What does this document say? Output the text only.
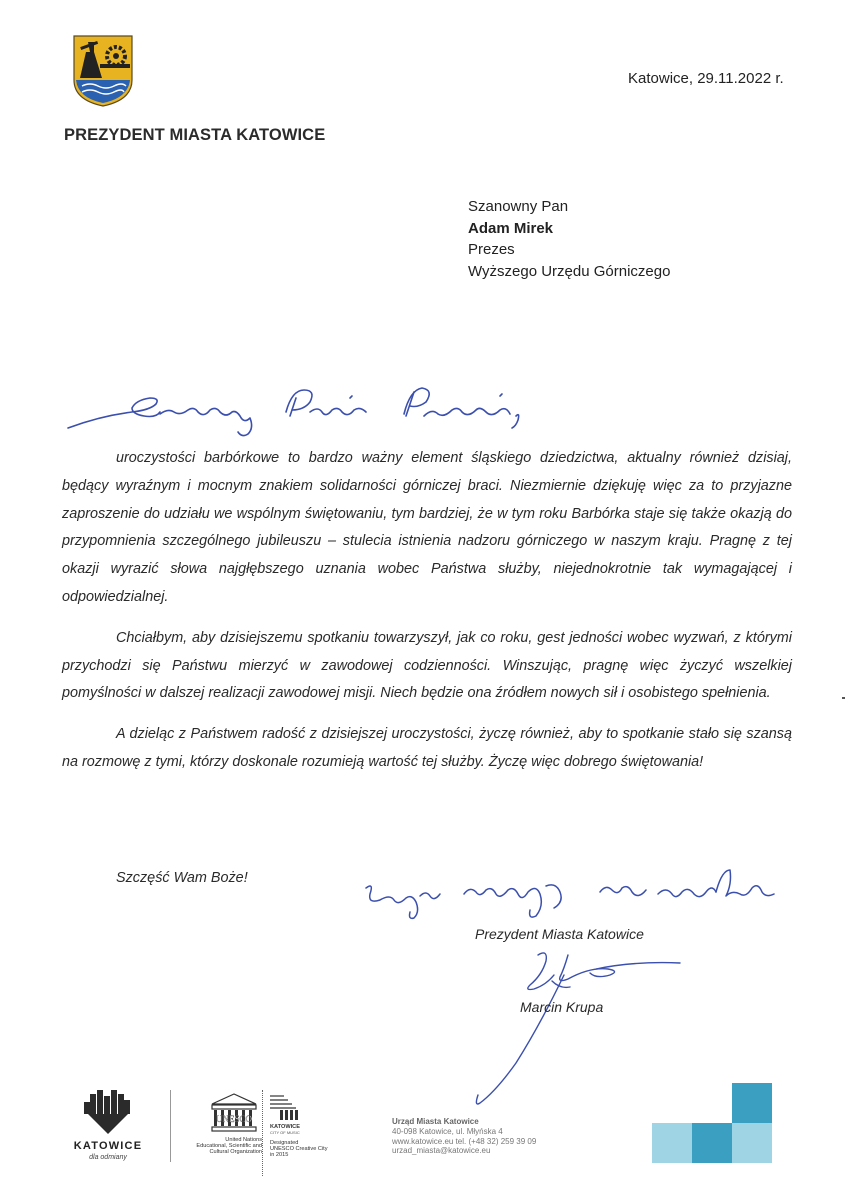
Katowice, 29.11.2022 r.
PREZYDENT MIASTA KATOWICE
Szanowny Pan
Adam Mirek
Prezes
Wyższego Urzędu Górniczego

uroczystości barbórkowe to bardzo ważny element śląskiego dziedzictwa, aktualny również dzisiaj, będący wyraźnym i mocnym znakiem solidarności górniczej braci. Niezmiernie dziękuję więc za to przyjazne zaproszenie do udziału we wspólnym świętowaniu, tym bardziej, że w tym roku Barbórka staje się także okazją do przypomnienia szczególnego jubileuszu – stulecia istnienia nadzoru górniczego w naszym kraju. Pragnę z tej okazji wyrazić słowa najgłębszego uznania wobec Państwa służby, niejednokrotnie tak wymagającej i odpowiedzialnej.

Chciałbym, aby dzisiejszemu spotkaniu towarzyszył, jak co roku, gest jedności wobec wyzwań, z którymi przychodzi się Państwu mierzyć w zawodowej codzienności. Winszując, pragnę więc życzyć wszelkiej pomyślności w dalszej realizacji zawodowej misji. Niech będzie ona źródłem nowych sił i osobistego spełnienia.

A dzieląc z Państwem radość z dzisiejszej uroczystości, życzę również, aby to spotkanie stało się szansą na rozmowę z tymi, którzy doskonale rozumieją wartość tej służby. Życzę więc dobrego świętowania!

Szczęść Wam Boże!
Prezydent Miasta Katowice
Marcin Krupa
KATOWICE
dla odmiany
UNESCO
United Nations
Educational, Scientific and
Cultural Organization
KATOWICE
CITY OF MUSIC
Designated
UNESCO Creative City
in 2015
Urząd Miasta Katowice
40-098 Katowice, ul. Młyńska 4
www.katowice.eu tel. (+48 32) 259 39 09
urzad_miasta@katowice.eu
